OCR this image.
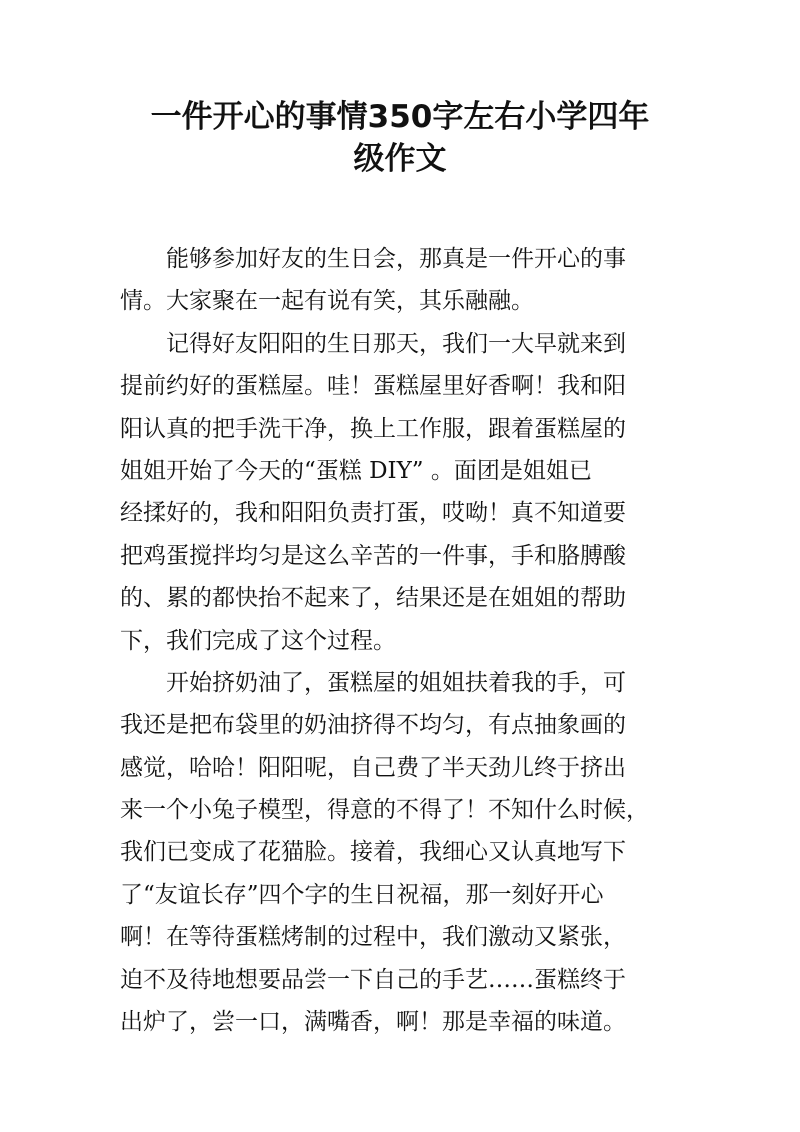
一件开心的事情350字左右小学四年
级作文
能够参加好友的生日会，那真是一件开心的事
情。大家聚在一起有说有笑，其乐融融。
记得好友阳阳的生日那天，我们一大早就来到
提前约好的蛋糕屋。哇！蛋糕屋里好香啊！我和阳
阳认真的把手洗干净，换上工作服，跟着蛋糕屋的
姐姐开始了今天的“蛋糕 DIY” 。面团是姐姐已
经揉好的，我和阳阳负责打蛋，哎呦！真不知道要
把鸡蛋搅拌均匀是这么辛苦的一件事，手和胳膊酸
的、累的都快抬不起来了，结果还是在姐姐的帮助
下，我们完成了这个过程。
开始挤奶油了，蛋糕屋的姐姐扶着我的手，可
我还是把布袋里的奶油挤得不均匀，有点抽象画的
感觉，哈哈！阳阳呢，自己费了半天劲儿终于挤出
来一个小兔子模型，得意的不得了！不知什么时候，
我们已变成了花猫脸。接着，我细心又认真地写下
了“友谊长存”四个字的生日祝福，那一刻好开心
啊！在等待蛋糕烤制的过程中，我们激动又紧张，
迫不及待地想要品尝一下自己的手艺……蛋糕终于
出炉了，尝一口，满嘴香，啊！那是幸福的味道。
